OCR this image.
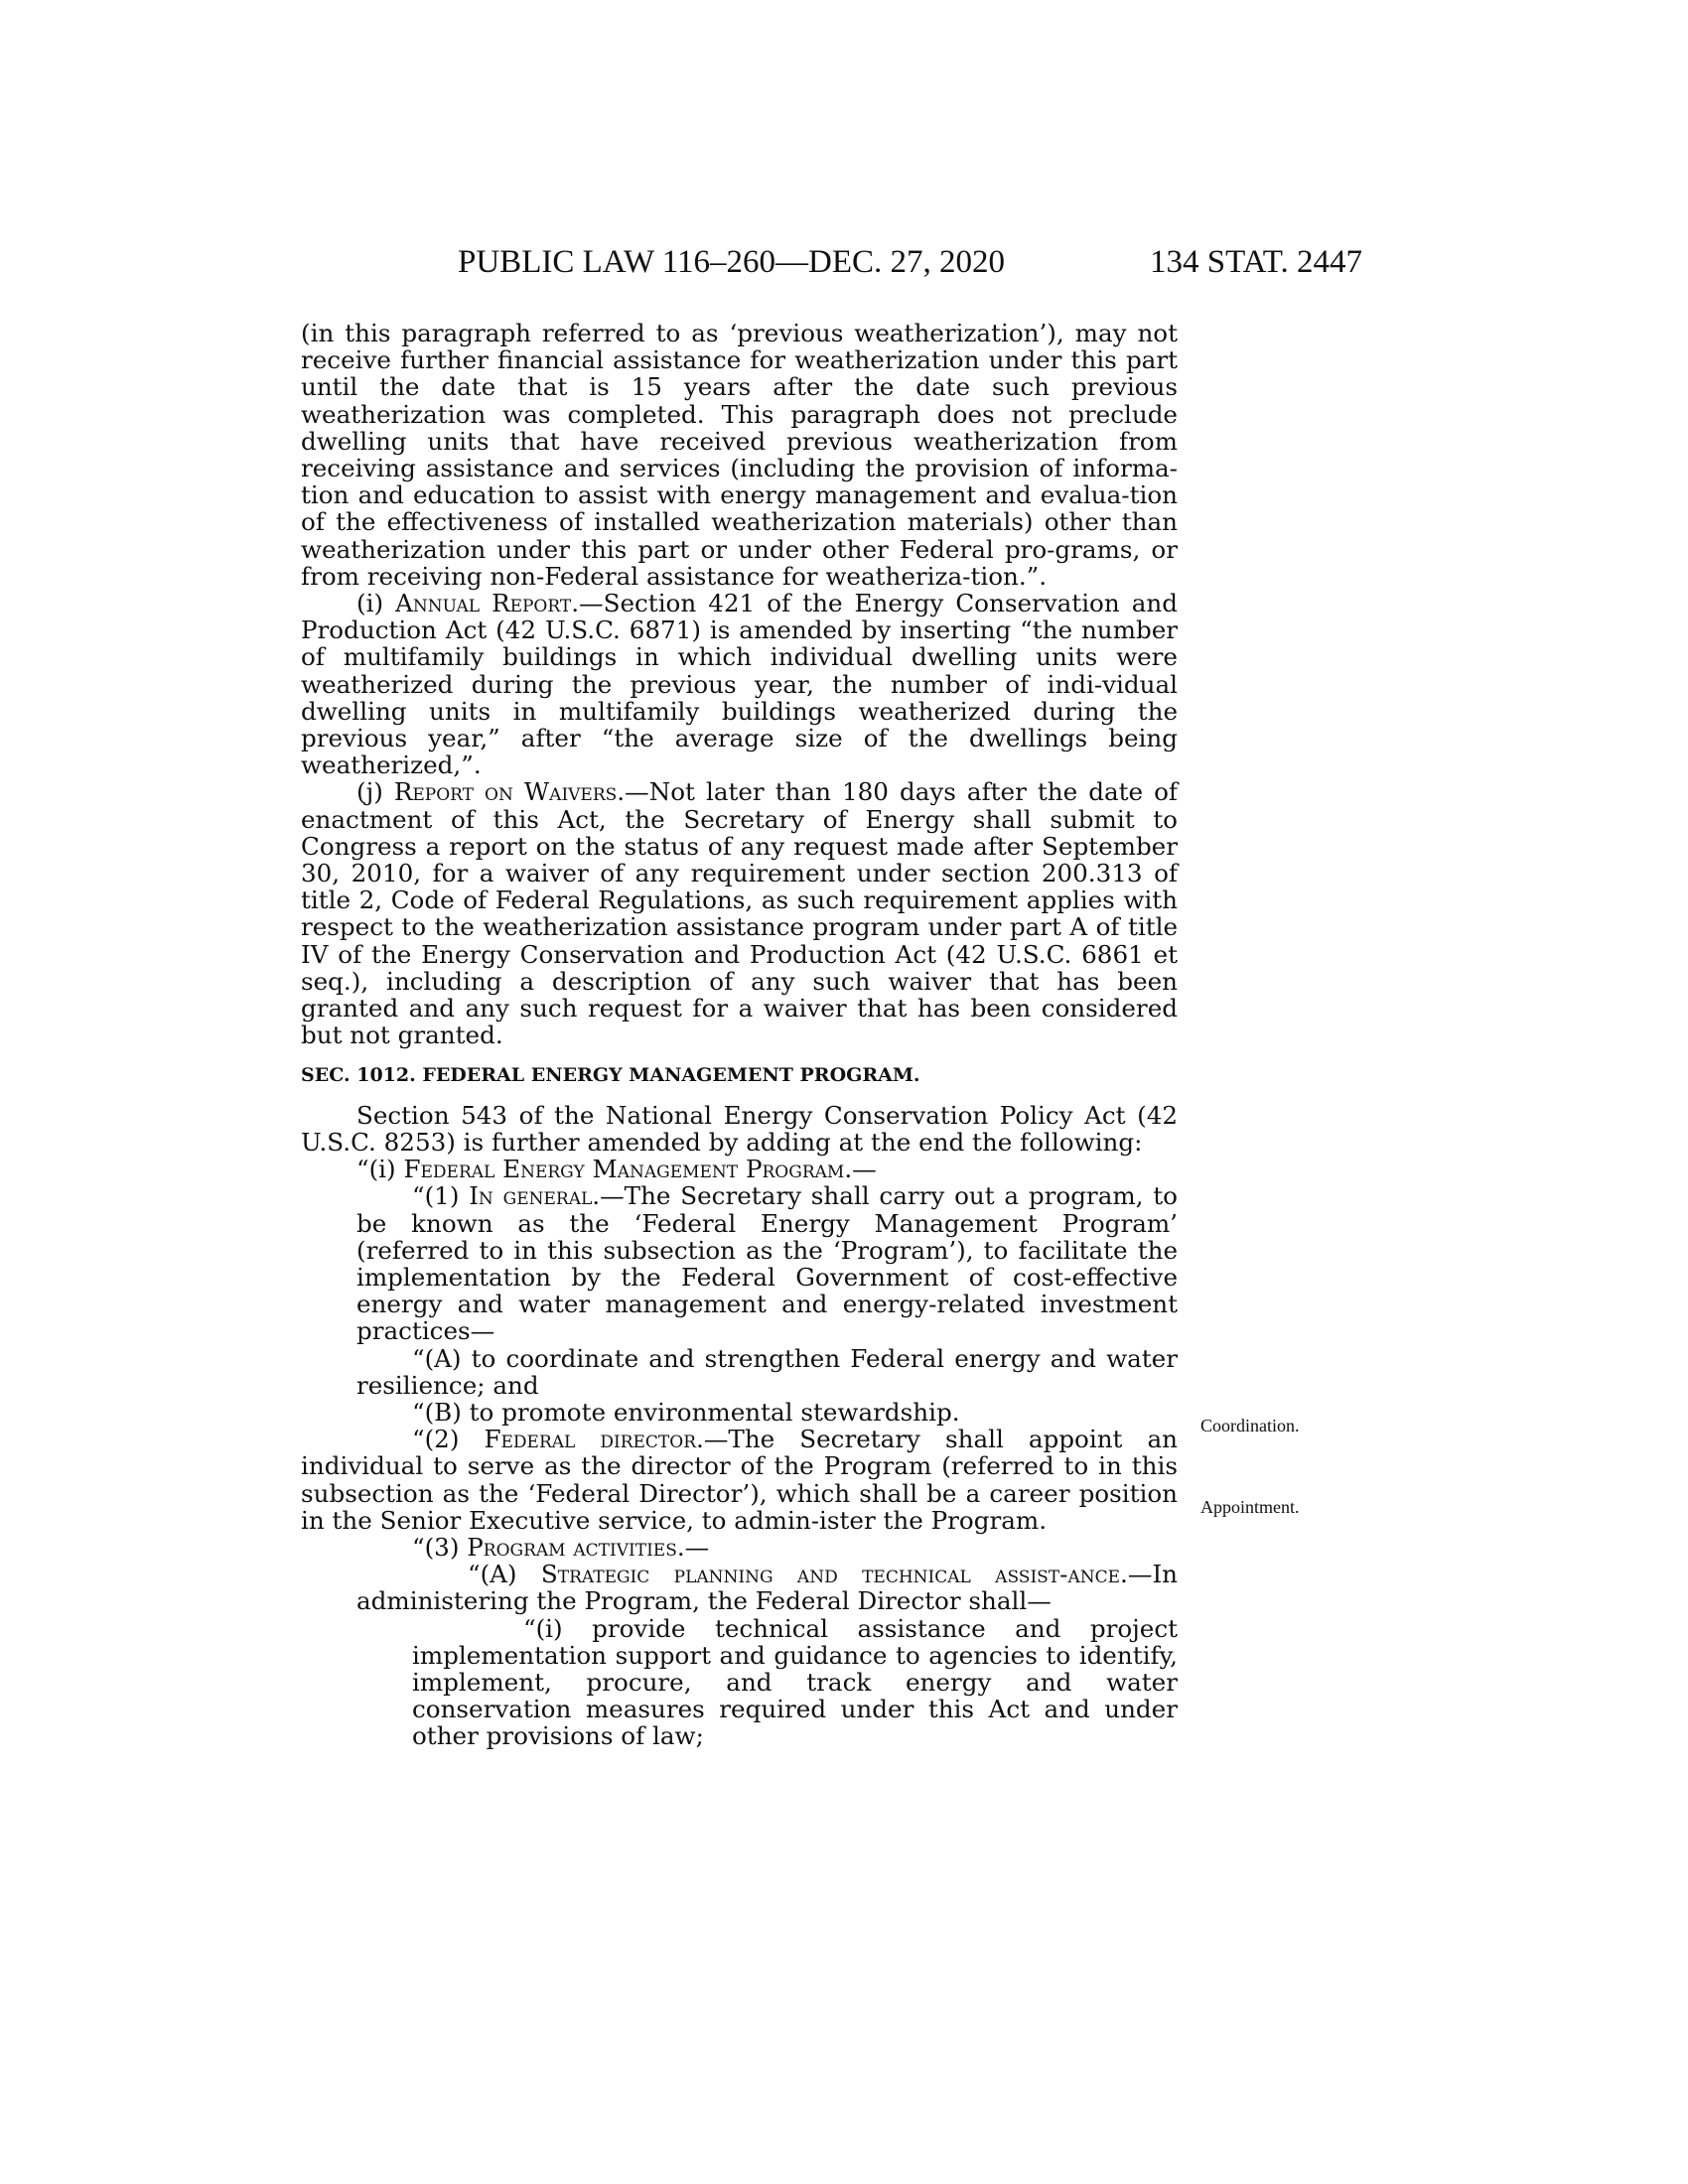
PUBLIC LAW 116–260—DEC. 27, 2020	134 STAT. 2447

(in this paragraph referred to as ‘previous weatherization’), may not receive further financial assistance for weatherization under this part until the date that is 15 years after the date such previous weatherization was completed. This paragraph does not preclude dwelling units that have received previous weatherization from receiving assistance and services (including the provision of informa-tion and education to assist with energy management and evalua-tion of the effectiveness of installed weatherization materials) other than weatherization under this part or under other Federal pro-grams, or from receiving non-Federal assistance for weatheriza-tion.”.

(i) Annual Report.—Section 421 of the Energy Conservation and Production Act (42 U.S.C. 6871) is amended by inserting “the number of multifamily buildings in which individual dwelling units were weatherized during the previous year, the number of indi-vidual dwelling units in multifamily buildings weatherized during the previous year,” after “the average size of the dwellings being weatherized,”.

(j) Report on Waivers.—Not later than 180 days after the date of enactment of this Act, the Secretary of Energy shall submit to Congress a report on the status of any request made after September 30, 2010, for a waiver of any requirement under section 200.313 of title 2, Code of Federal Regulations, as such requirement applies with respect to the weatherization assistance program under part A of title IV of the Energy Conservation and Production Act (42 U.S.C. 6861 et seq.), including a description of any such waiver that has been granted and any such request for a waiver that has been considered but not granted.

SEC. 1012. FEDERAL ENERGY MANAGEMENT PROGRAM.

Section 543 of the National Energy Conservation Policy Act (42 U.S.C. 8253) is further amended by adding at the end the following:

“(i) Federal Energy Management Program.—

“(1) In general.—The Secretary shall carry out a program, to be known as the ‘Federal Energy Management Program’ (referred to in this subsection as the ‘Program’), to facilitate the implementation by the Federal Government of cost-effective energy and water management and energy-related investment practices—

“(A) to coordinate and strengthen Federal energy and water resilience; and

“(B) to promote environmental stewardship.

“(2) Federal director.—The Secretary shall appoint an individual to serve as the director of the Program (referred to in this subsection as the ‘Federal Director’), which shall be a career position in the Senior Executive service, to admin-ister the Program.

“(3) Program activities.—

“(A) Strategic planning and technical assist-ance.—In administering the Program, the Federal Director shall—

“(i) provide technical assistance and project implementation support and guidance to agencies to identify, implement, procure, and track energy and water conservation measures required under this Act and under other provisions of law;

Coordination.
Appointment.
